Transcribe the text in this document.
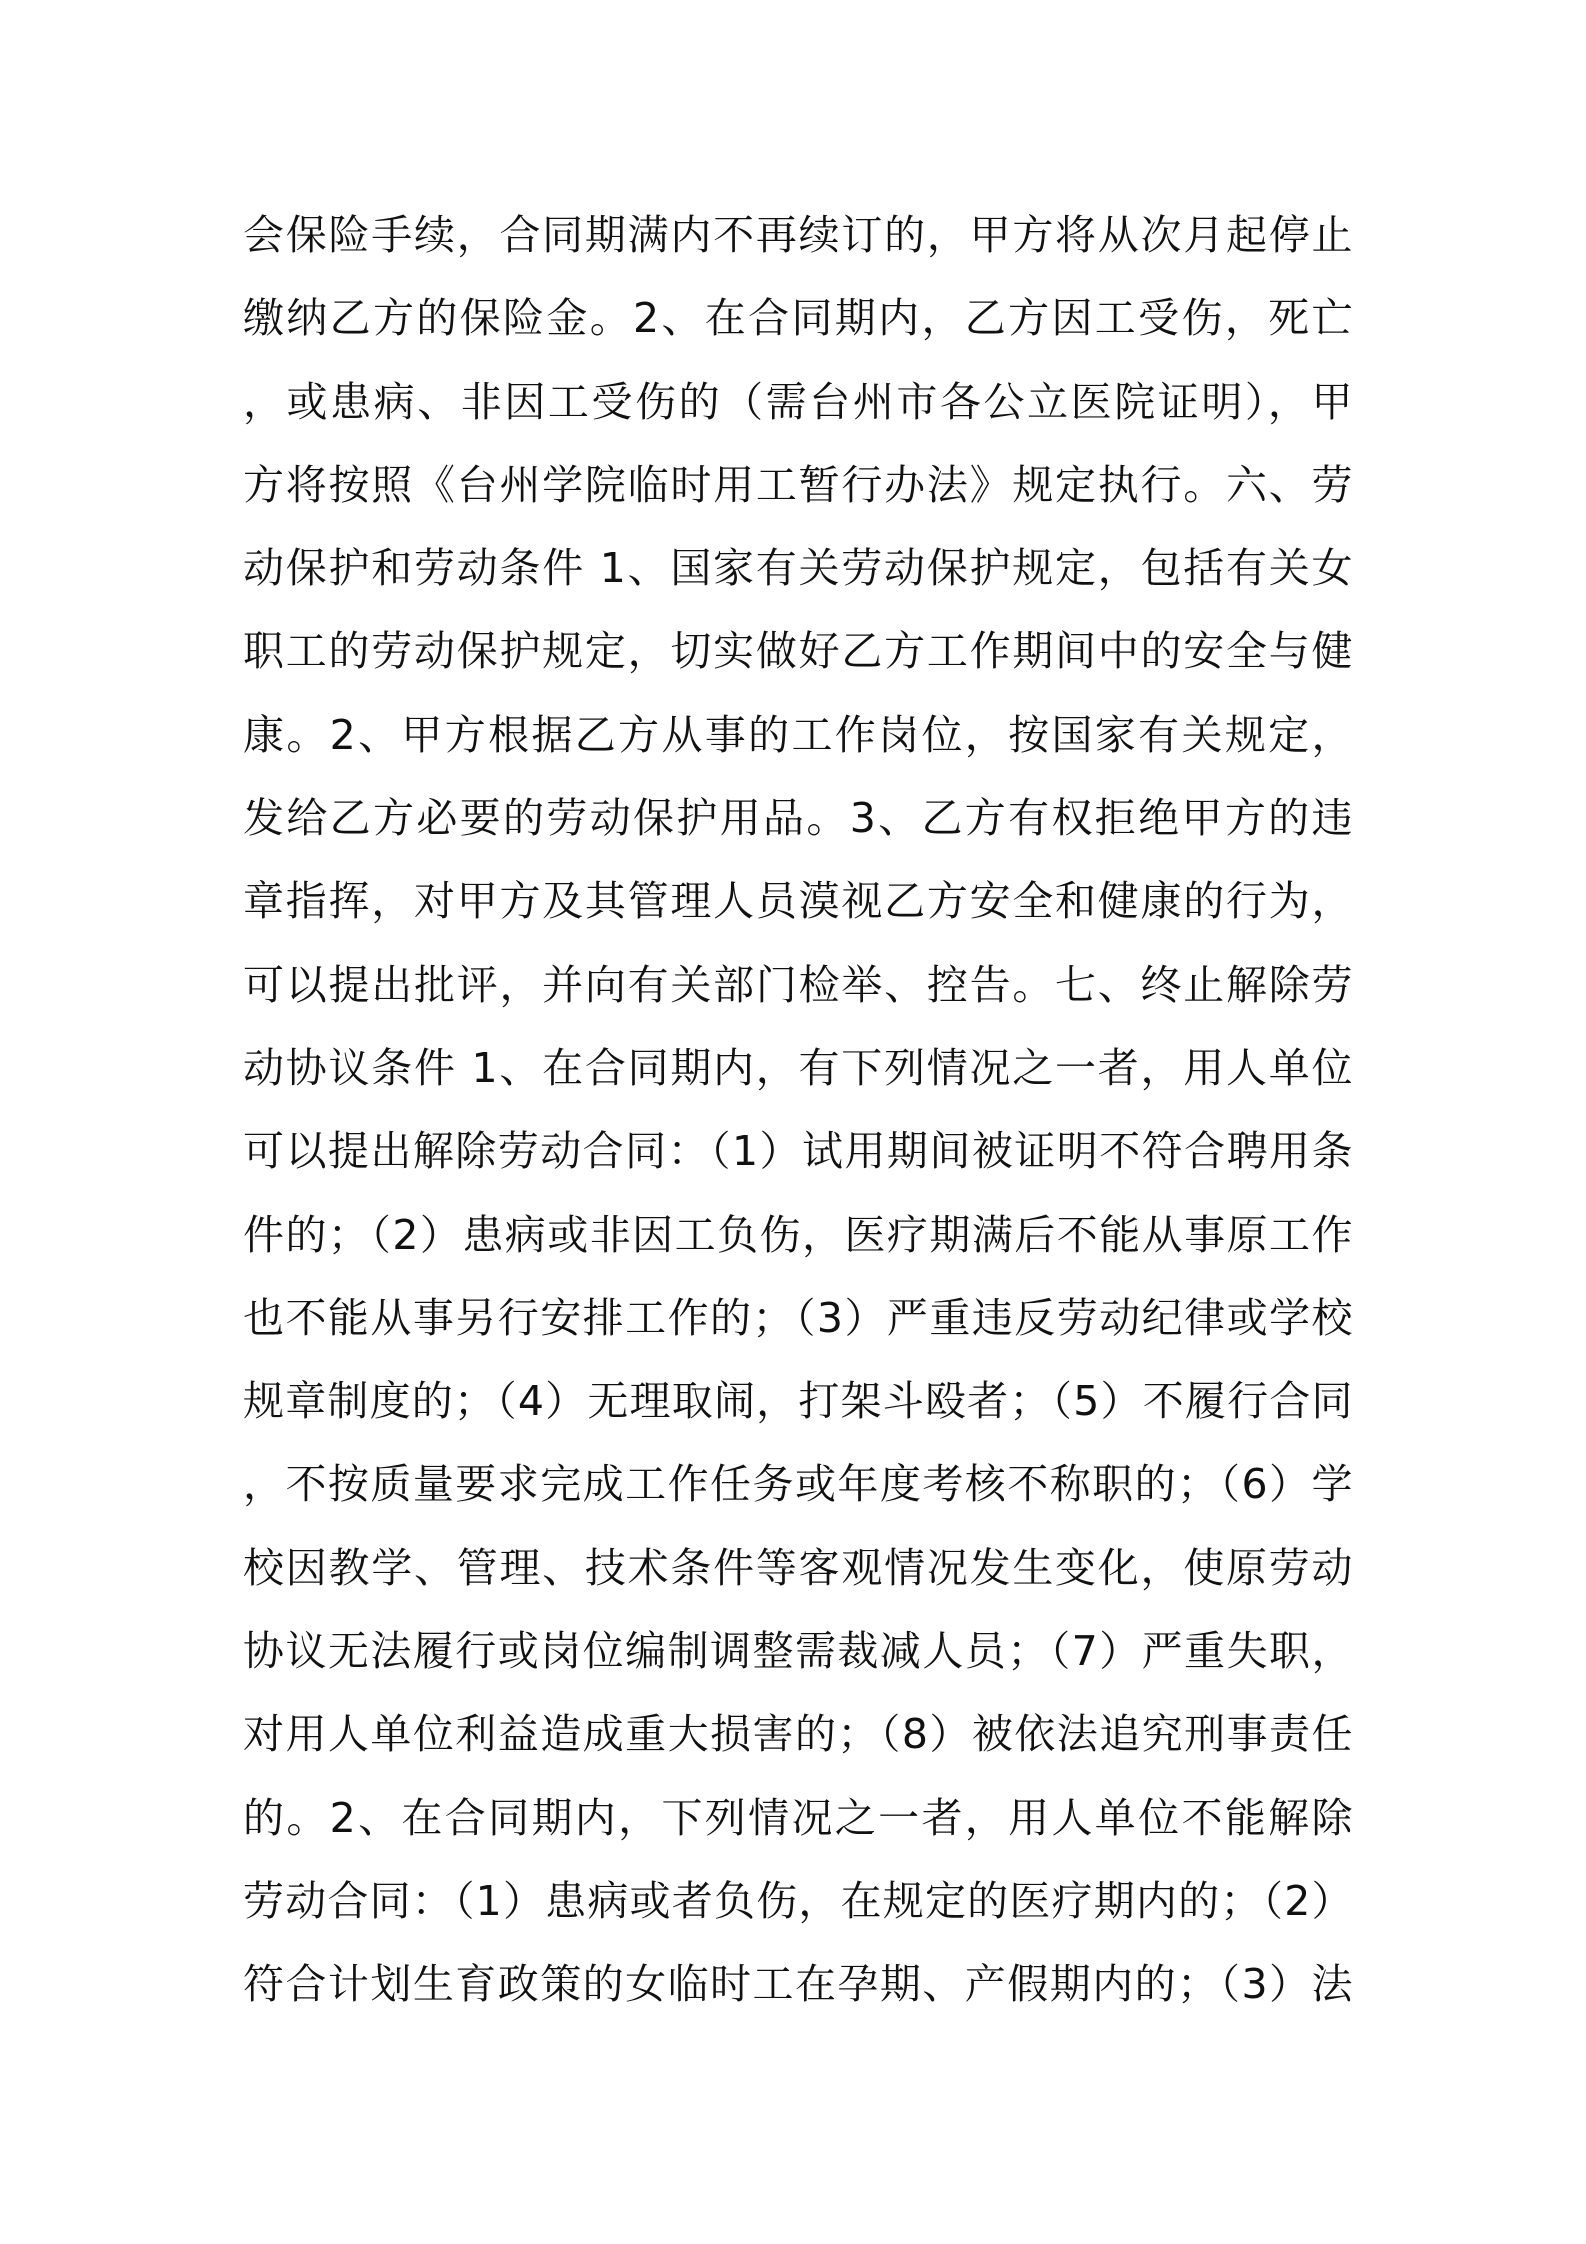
会保险手续，合同期满内不再续订的，甲方将从次月起停止
缴纳乙方的保险金。2、在合同期内，乙方因工受伤，死亡
，或患病、非因工受伤的（需台州市各公立医院证明），甲
方将按照《台州学院临时用工暂行办法》规定执行。六、劳
动保护和劳动条件 1、国家有关劳动保护规定，包括有关女
职工的劳动保护规定，切实做好乙方工作期间中的安全与健
康。2、甲方根据乙方从事的工作岗位，按国家有关规定，
发给乙方必要的劳动保护用品。3、乙方有权拒绝甲方的违
章指挥，对甲方及其管理人员漠视乙方安全和健康的行为，
可以提出批评，并向有关部门检举、控告。七、终止解除劳
动协议条件 1、在合同期内，有下列情况之一者，用人单位
可以提出解除劳动合同：（1）试用期间被证明不符合聘用条
件的；（2）患病或非因工负伤，医疗期满后不能从事原工作
也不能从事另行安排工作的；（3）严重违反劳动纪律或学校
规章制度的；（4）无理取闹，打架斗殴者；（5）不履行合同
，不按质量要求完成工作任务或年度考核不称职的；（6）学
校因教学、管理、技术条件等客观情况发生变化，使原劳动
协议无法履行或岗位编制调整需裁减人员；（7）严重失职，
对用人单位利益造成重大损害的；（8）被依法追究刑事责任
的。2、在合同期内，下列情况之一者，用人单位不能解除
劳动合同：（1）患病或者负伤，在规定的医疗期内的；（2）
符合计划生育政策的女临时工在孕期、产假期内的；（3）法
